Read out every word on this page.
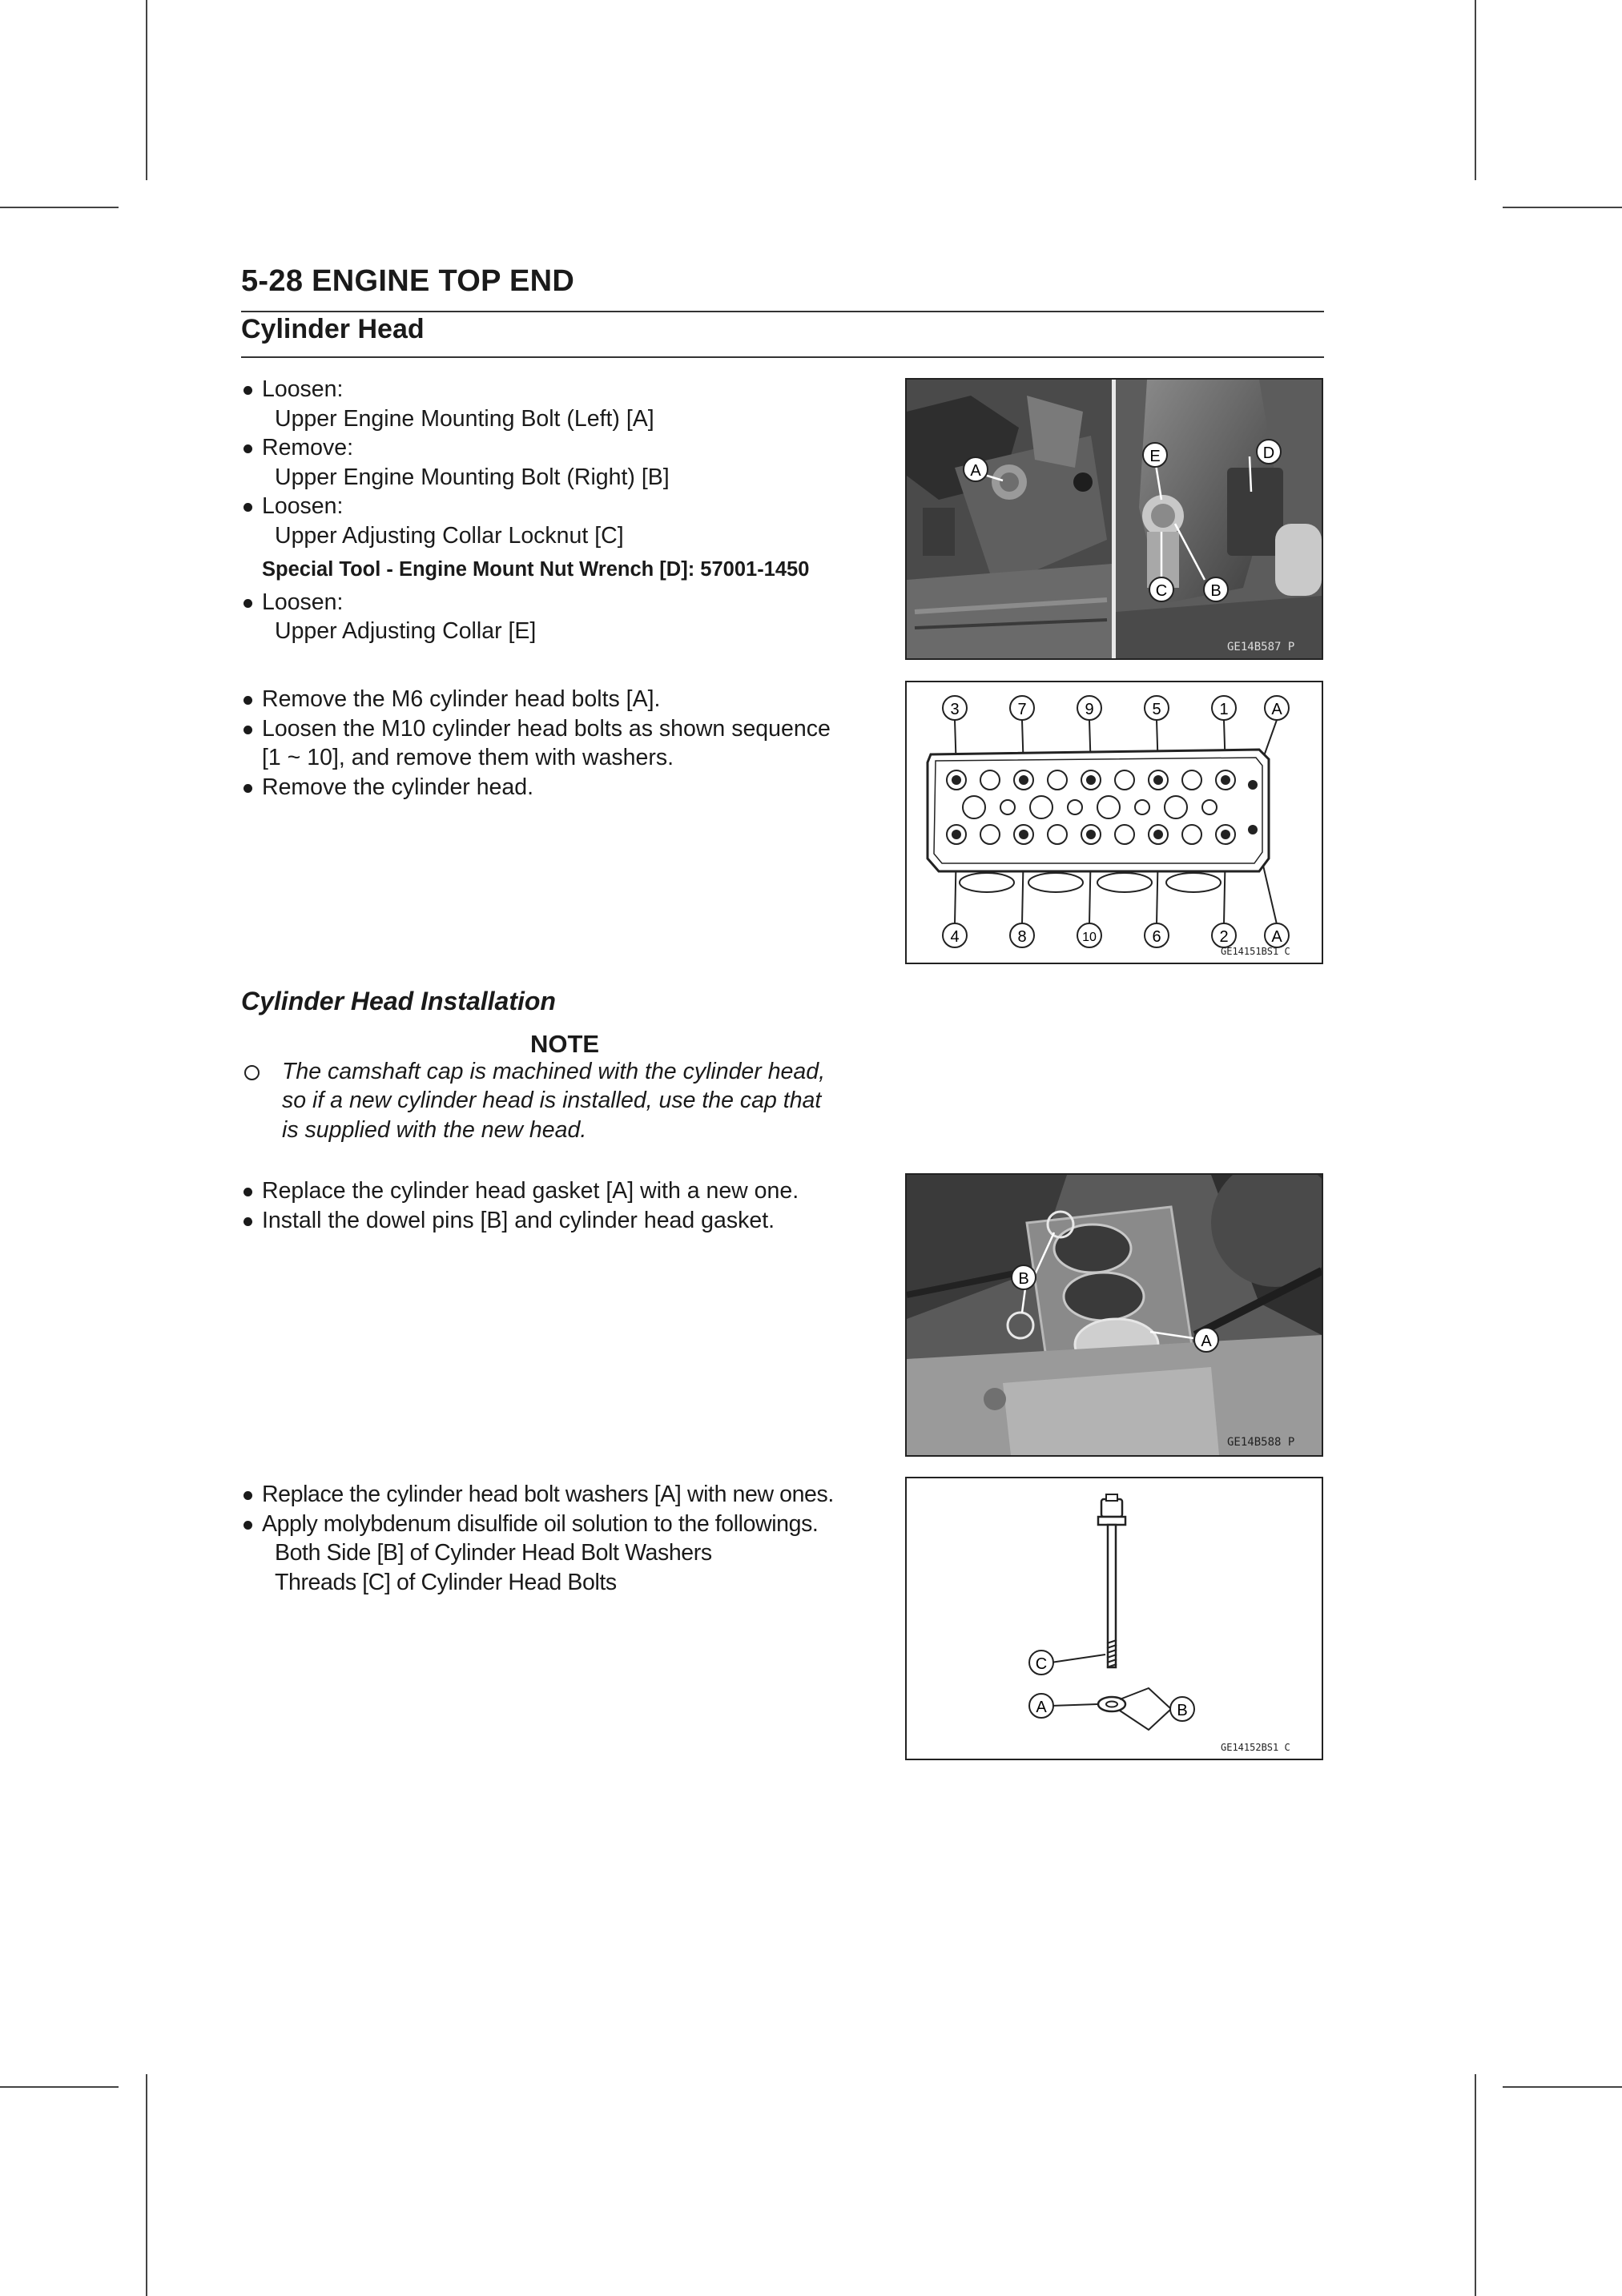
5-28 ENGINE TOP END
Cylinder Head
Loosen:
Upper Engine Mounting Bolt (Left) [A]
Remove:
Upper Engine Mounting Bolt (Right) [B]
Loosen:
Upper Adjusting Collar Locknut [C]
Special Tool - Engine Mount Nut Wrench [D]: 57001-1450
Loosen:
Upper Adjusting Collar [E]
Remove the M6 cylinder head bolts [A].
Loosen the M10 cylinder head bolts as shown sequence
[1 ~ 10], and remove them with washers.
Remove the cylinder head.
Cylinder Head Installation
NOTE
The camshaft cap is machined with the cylinder head,
so if a new cylinder head is installed, use the cap that
is supplied with the new head.
Replace the cylinder head gasket [A] with a new one.
Install the dowel pins [B] and cylinder head gasket.
Replace the cylinder head bolt washers [A] with new ones.
Apply molybdenum disulfide oil solution to the followings.
Both Side [B] of Cylinder Head Bolt Washers
Threads [C] of Cylinder Head Bolts
A
E	D
C	B
GE14B587 P
3	7	9	5	1	A
4	8	10	6	2	A
GE14151BS1 C
B
A
GE14B588 P
C
A	B
GE14152BS1 C
